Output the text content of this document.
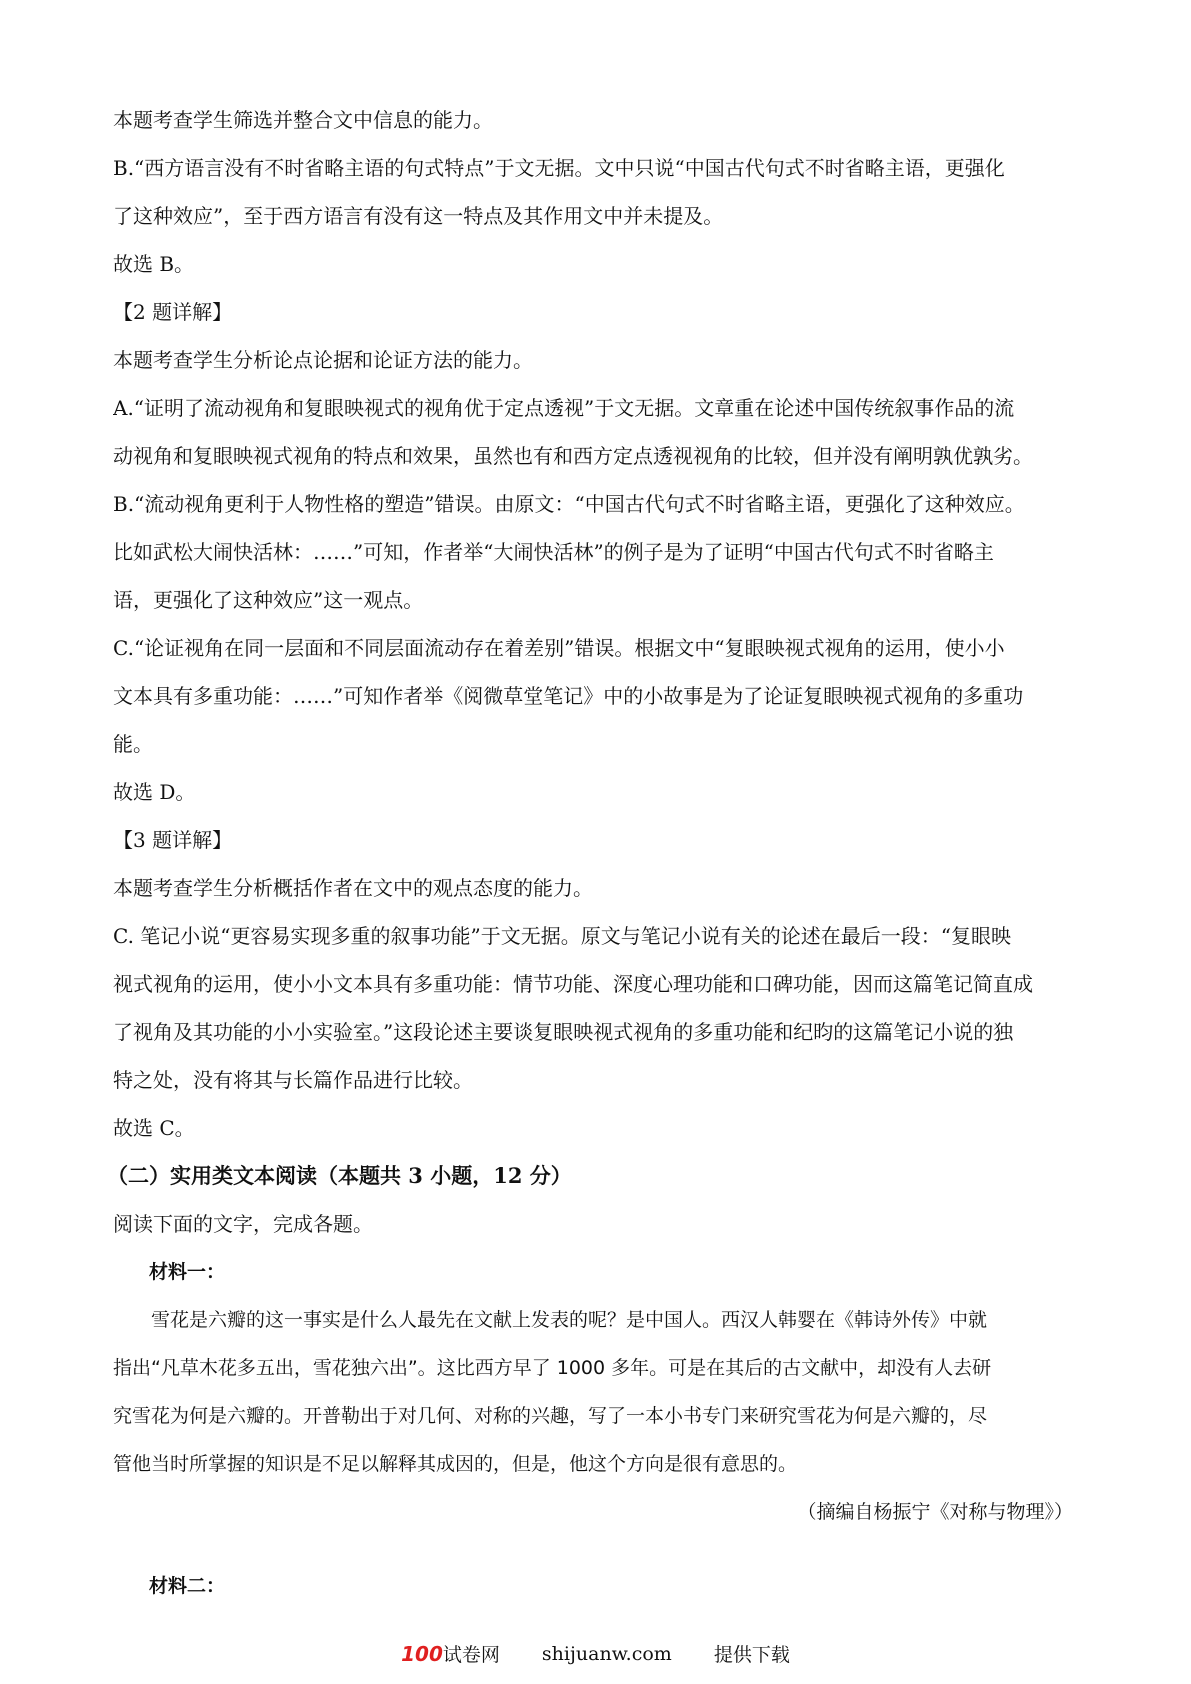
本题考查学生筛选并整合文中信息的能力。
B.“西方语言没有不时省略主语的句式特点”于文无据。文中只说“中国古代句式不时省略主语，更强化
了这种效应”，至于西方语言有没有这一特点及其作用文中并未提及。
故选 B。
【2 题详解】
本题考查学生分析论点论据和论证方法的能力。
A.“证明了流动视角和复眼映视式的视角优于定点透视”于文无据。文章重在论述中国传统叙事作品的流
动视角和复眼映视式视角的特点和效果，虽然也有和西方定点透视视角的比较，但并没有阐明孰优孰劣。
B.“流动视角更利于人物性格的塑造”错误。由原文：“中国古代句式不时省略主语，更强化了这种效应。
比如武松大闹快活林：……”可知，作者举“大闹快活林”的例子是为了证明“中国古代句式不时省略主
语，更强化了这种效应”这一观点。
C.“论证视角在同一层面和不同层面流动存在着差别”错误。根据文中“复眼映视式视角的运用，使小小
文本具有多重功能：……”可知作者举《阅微草堂笔记》中的小故事是为了论证复眼映视式视角的多重功
能。
故选 D。
【3 题详解】
本题考查学生分析概括作者在文中的观点态度的能力。
C. 笔记小说“更容易实现多重的叙事功能”于文无据。原文与笔记小说有关的论述在最后一段：“复眼映
视式视角的运用，使小小文本具有多重功能：情节功能、深度心理功能和口碑功能，因而这篇笔记简直成
了视角及其功能的小小实验室。”这段论述主要谈复眼映视式视角的多重功能和纪昀的这篇笔记小说的独
特之处，没有将其与长篇作品进行比较。
故选 C。
（二）实用类文本阅读（本题共 3 小题，12 分）
阅读下面的文字，完成各题。
材料一：
　　雪花是六瓣的这一事实是什么人最先在文献上发表的呢？是中国人。西汉人韩婴在《韩诗外传》中就
指出“凡草木花多五出，雪花独六出”。这比西方早了 1000 多年。可是在其后的古文献中，却没有人去研
究雪花为何是六瓣的。开普勒出于对几何、对称的兴趣，写了一本小书专门来研究雪花为何是六瓣的，尽
管他当时所掌握的知识是不足以解释其成因的，但是，他这个方向是很有意思的。
（摘编自杨振宁《对称与物理》）
材料二：
100试卷网 shijuanw.com 提供下载
